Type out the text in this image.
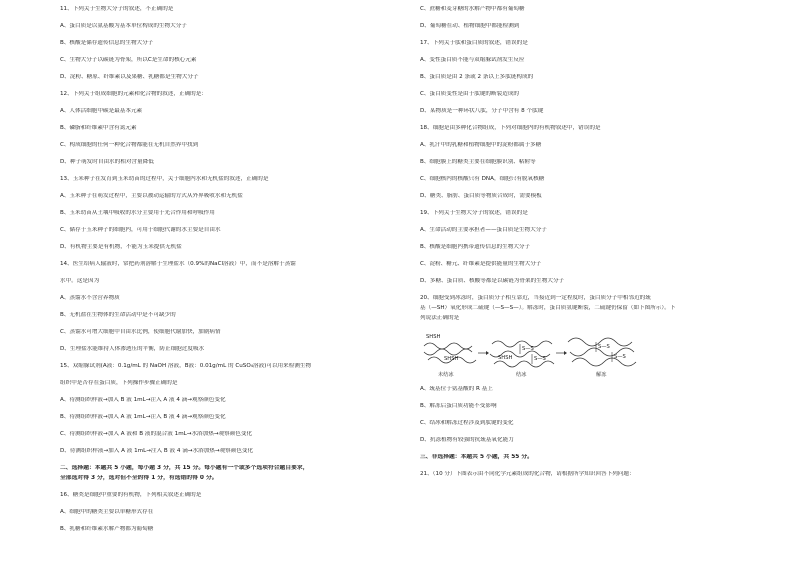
11、下列关于生物大分子的叙述，不正确的是
A、蛋白质是以氨基酸为基本单位构成的生物大分子
B、核酸是储存遗传信息的生物大分子
C、生物大分子以碳链为骨架，所以C是生命的核心元素
D、淀粉、糖原、纤维素以及果糖、乳糖都是生物大分子
12、下列关于组成细胞的元素和化合物的叙述，正确的是：
A、人体活细胞中碳是最基本元素
B、磷脂和纤维素中含有氮元素
C、构成细胞的任何一种化合物都能在无机自然界中找到
D、种子萌发时自由水的相对含量降低
13、玉米种子在发育到玉米幼苗的过程中，关于细胞内水和无机盐的叙述，正确的是
A、玉米种子在萌发过程中，主要以被动运输的方式从外界吸收水和无机盐
B、玉米幼苗从土壤中吸收的水分主要用于光合作用和呼吸作用
C、储存于玉米种子的细胞内，可用于细胞代谢的水主要是自由水
D、有机物主要是有机物，不能为玉米提供无机盐
14、医生给病人输液时，常把药剂溶解于生理盐水（0.9%的NaCl溶液）中，而不是溶解于蒸馏
水中。这是因为
A、蒸馏水不含营养物质
B、无机盐在生物体的生命活动中是不可缺少的
C、蒸馏水可增大细胞中自由水比例，使细胞代谢加快，加剧病情
D、生理盐水能维持人体渗透压的平衡，防止细胞过度吸水
15、双缩脲试剂(A液：0.1g/mL 的 NaOH 溶液，B液：0.01g/mL 的 CuSO₄溶液)可以用来检测生物
组织中是否存在蛋白质，下列操作步骤正确的是
A、待测组织样液→加入 B 液 1mL→注入 A 液 4 滴→观察颜色变化
B、待测组织样液→加入 A 液 1mL→注入 B 液 4 滴→观察颜色变化
C、待测组织样液→加入 A 液和 B 液的混合液 1mL→水浴加热→观察颜色变化
D、待测组织样液→加入 A 液 1mL→注入 B 液 4 滴→水浴加热→观察颜色变化
二、选择题：本题共 5 小题，每小题 3 分，共 15 分。每小题有一个或多个选项符合题目要求，
全部选对得 3 分，选对但不全的得 1 分，有选错的得 0 分。
16、糖类是细胞中重要的有机物，下列相关叙述正确的是
A、细胞中的糖类主要以单糖形式存在
B、乳糖和纤维素水解产物都为葡萄糖
C、蔗糖和麦芽糖的水解产物中都有葡萄糖
D、葡萄糖在动、植物细胞中都能检测到
17、下列关于肽和蛋白质的叙述，错误的是
A、变性蛋白质不能与双缩脲试剂发生反应
B、蛋白质是由 2 条或 2 条以上多肽链构成的
C、蛋白质变性是由于肽键的断裂造成的
D、某物质是一种环状八肽，分子中含有 8 个肽键
18、细胞是由多种化合物组成，下列对细胞内的有机物叙述中，错误的是
A、乳汁中的乳糖和植物细胞中的淀粉都属于多糖
B、细胞膜上的糖类主要在细胞膜识别、粘附等
C、细胞核内的核酸只有 DNA，细胞只有脱氧核糖
D、糖类、脂肪、蛋白质等物质合成时，需要模板
19、下列关于生物大分子的叙述，错误的是
A、生命活动的主要承担者——蛋白质是生物大分子
B、核酸是细胞内携带遗传信息的生物大分子
C、淀粉、糖元、纤维素是提供能量的生物大分子
D、多糖、蛋白质、核酸等都是以碳链为骨架的生物大分子
20、细胞受到冰冻时，蛋白质分子相互靠近，当接近到一定程度时，蛋白质分子中相邻近的巯
基（—SH）氧化形成二硫键（—S—S—）。解冻时，蛋白质氢键断裂，二硫键仍保留（如下图所示）。下
列说法正确的是
SHSH
SHSH	SHSH
S—S
S—S
S—S
S—S
未结冰	结冰	解冻
A、巯基位于氨基酸的 R 基上
B、解冻后蛋白质功能不受影响
C、结冰和解冻过程涉及到肽键的变化
D、抗冻植物有较强的抗巯基氧化能力
三、非选择题：本题共 5 小题，共 55 分。
21、（10 分）下图表示由不同化学元素组成的化合物，请根据所学知识回答下列问题：
